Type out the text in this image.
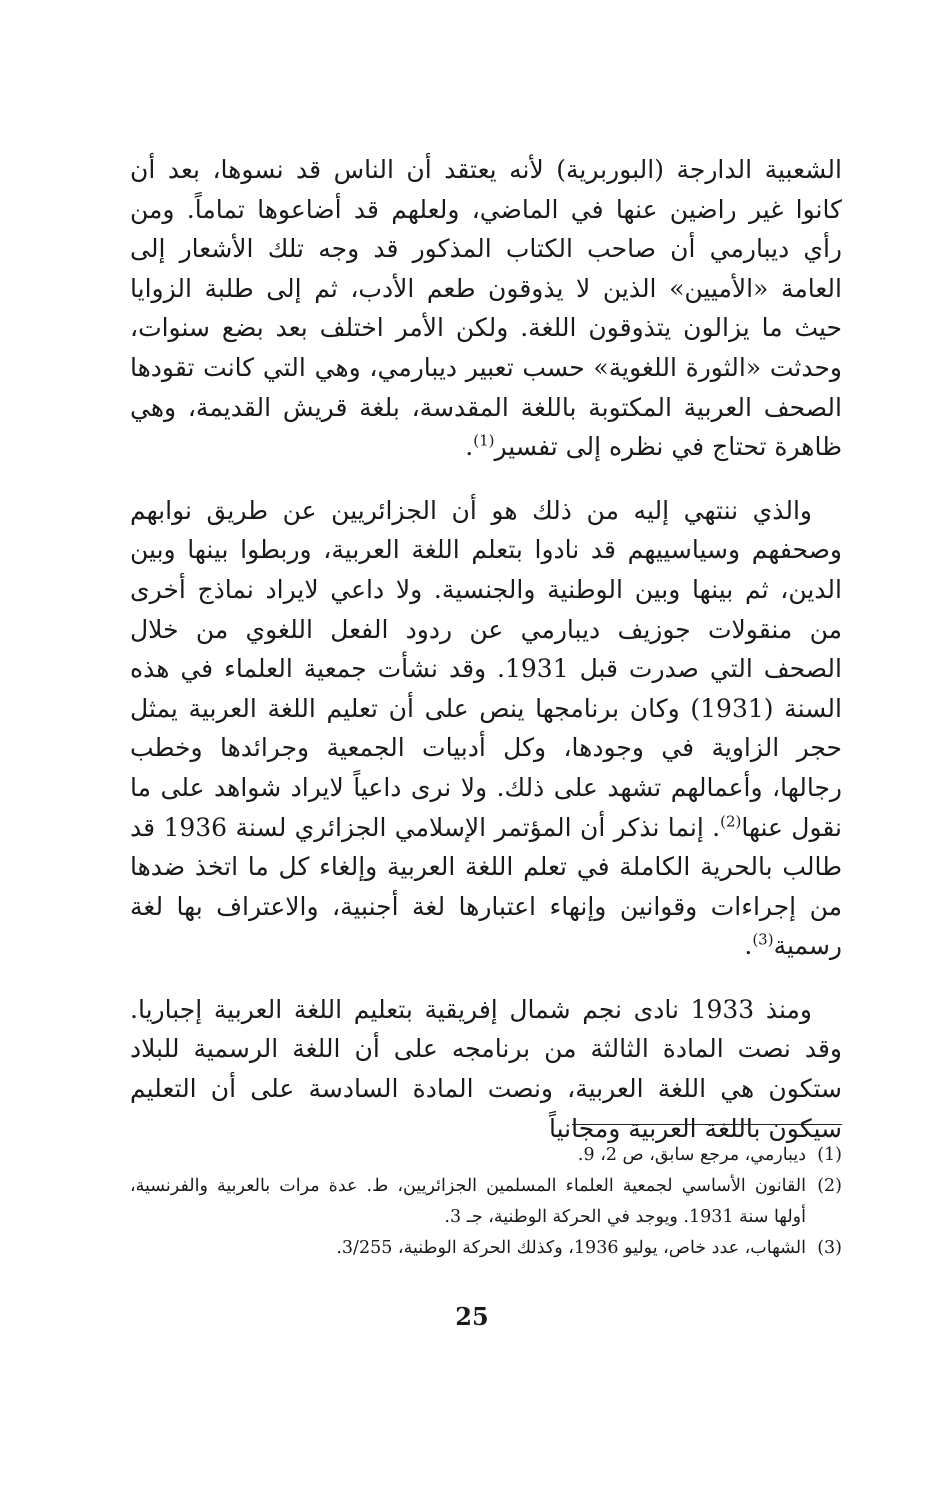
الشعبية الدارجة (البوربرية) لأنه يعتقد أن الناس قد نسوها، بعد أن كانوا غير راضين عنها في الماضي، ولعلهم قد أضاعوها تماماً. ومن رأي ديبارمي أن صاحب الكتاب المذكور قد وجه تلك الأشعار إلى العامة «الأميين» الذين لا يذوقون طعم الأدب، ثم إلى طلبة الزوايا حيث ما يزالون يتذوقون اللغة. ولكن الأمر اختلف بعد بضع سنوات، وحدثت «الثورة اللغوية» حسب تعبير ديبارمي، وهي التي كانت تقودها الصحف العربية المكتوبة باللغة المقدسة، بلغة قريش القديمة، وهي ظاهرة تحتاج في نظره إلى تفسير$^{(1)}$.

والذي ننتهي إليه من ذلك هو أن الجزائريين عن طريق نوابهم وصحفهم وسياسييهم قد نادوا بتعلم اللغة العربية، وربطوا بينها وبين الدين، ثم بينها وبين الوطنية والجنسية. ولا داعي لايراد نماذج أخرى من منقولات جوزيف ديبارمي عن ردود الفعل اللغوي من خلال الصحف التي صدرت قبل 1931. وقد نشأت جمعية العلماء في هذه السنة (1931) وكان برنامجها ينص على أن تعليم اللغة العربية يمثل حجر الزاوية في وجودها، وكل أدبيات الجمعية وجرائدها وخطب رجالها، وأعمالهم تشهد على ذلك. ولا نرى داعياً لايراد شواهد على ما نقول عنها$^{(2)}$. إنما نذكر أن المؤتمر الإسلامي الجزائري لسنة 1936 قد طالب بالحرية الكاملة في تعلم اللغة العربية وإلغاء كل ما اتخذ ضدها من إجراءات وقوانين وإنهاء اعتبارها لغة أجنبية، والاعتراف بها لغة رسمية$^{(3)}$.

ومنذ 1933 نادى نجم شمال إفريقية بتعليم اللغة العربية إجباريا. وقد نصت المادة الثالثة من برنامجه على أن اللغة الرسمية للبلاد ستكون هي اللغة العربية، ونصت المادة السادسة على أن التعليم سيكون باللغة العربية ومجانياً

(1)
ديبارمي، مرجع سابق، ص 2، 9.
(2)
القانون الأساسي لجمعية العلماء المسلمين الجزائريين، ط. عدة مرات بالعربية والفرنسية، أولها سنة 1931. ويوجد في الحركة الوطنية، جـ 3.
(3)
الشهاب، عدد خاص، يوليو 1936، وكذلك الحركة الوطنية، 3/255.
25
